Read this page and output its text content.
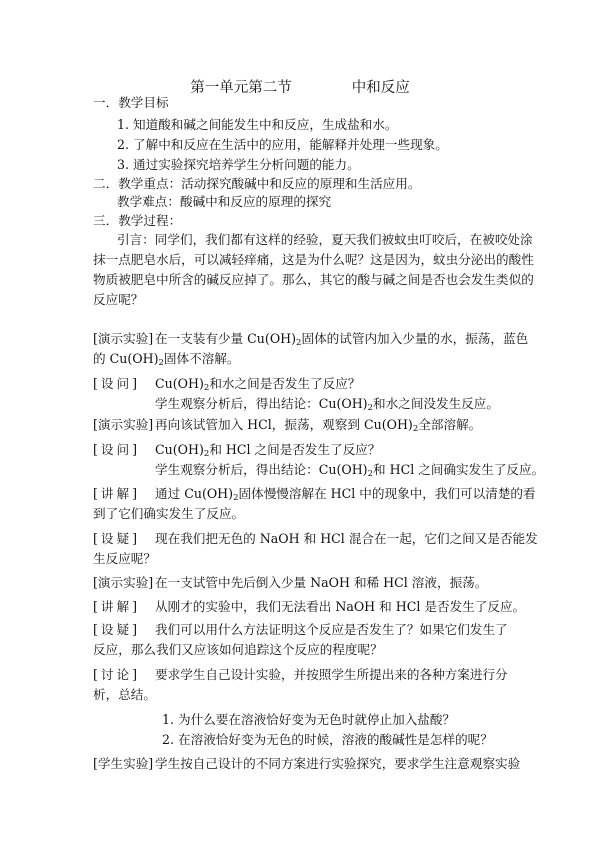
第一单元第二节	中和反应
一．教学目标
1. 知道酸和碱之间能发生中和反应，生成盐和水。
2. 了解中和反应在生活中的应用，能解释并处理一些现象。
3. 通过实验探究培养学生分析问题的能力。
二．教学重点：活动探究酸碱中和反应的原理和生活应用。
教学难点：酸碱中和反应的原理的探究
三．教学过程：
引言：同学们，我们都有这样的经验，夏天我们被蚊虫叮咬后，在被咬处涂
抹一点肥皂水后，可以减轻痒痛，这是为什么呢？这是因为，蚊虫分泌出的酸性
物质被肥皂中所含的碱反应掉了。那么，其它的酸与碱之间是否也会发生类似的
反应呢？
[演示实验] 在一支装有少量 $Cu(OH)_2$固体的试管内加入少量的水，振荡，蓝色
的 $Cu(OH)_2$固体不溶解。
[设问] $Cu(OH)_2$和水之间是否发生了反应？
学生观察分析后，得出结论：$Cu(OH)_2$和水之间没发生反应。
[演示实验] 再向该试管加入 HCl，振荡，观察到 $Cu(OH)_2$全部溶解。
[设问] $Cu(OH)_2$和 HCl 之间是否发生了反应？
学生观察分析后，得出结论：$Cu(OH)_2$和 HCl 之间确实发生了反应。
[讲解] 通过 $Cu(OH)_2$固体慢慢溶解在 HCl 中的现象中，我们可以清楚的看
到了它们确实发生了反应。
[设疑] 现在我们把无色的 NaOH 和 HCl 混合在一起，它们之间又是否能发
生反应呢？
[演示实验] 在一支试管中先后倒入少量 NaOH 和稀 HCl 溶液，振荡。
[讲解] 从刚才的实验中，我们无法看出 NaOH 和 HCl 是否发生了反应。
[设疑] 我们可以用什么方法证明这个反应是否发生了？如果它们发生了
反应，那么我们又应该如何追踪这个反应的程度呢？
[讨论] 要求学生自己设计实验，并按照学生所提出来的各种方案进行分
析，总结。
1. 为什么要在溶液恰好变为无色时就停止加入盐酸？
2. 在溶液恰好变为无色的时候，溶液的酸碱性是怎样的呢？
[学生实验] 学生按自己设计的不同方案进行实验探究，要求学生注意观察实验
